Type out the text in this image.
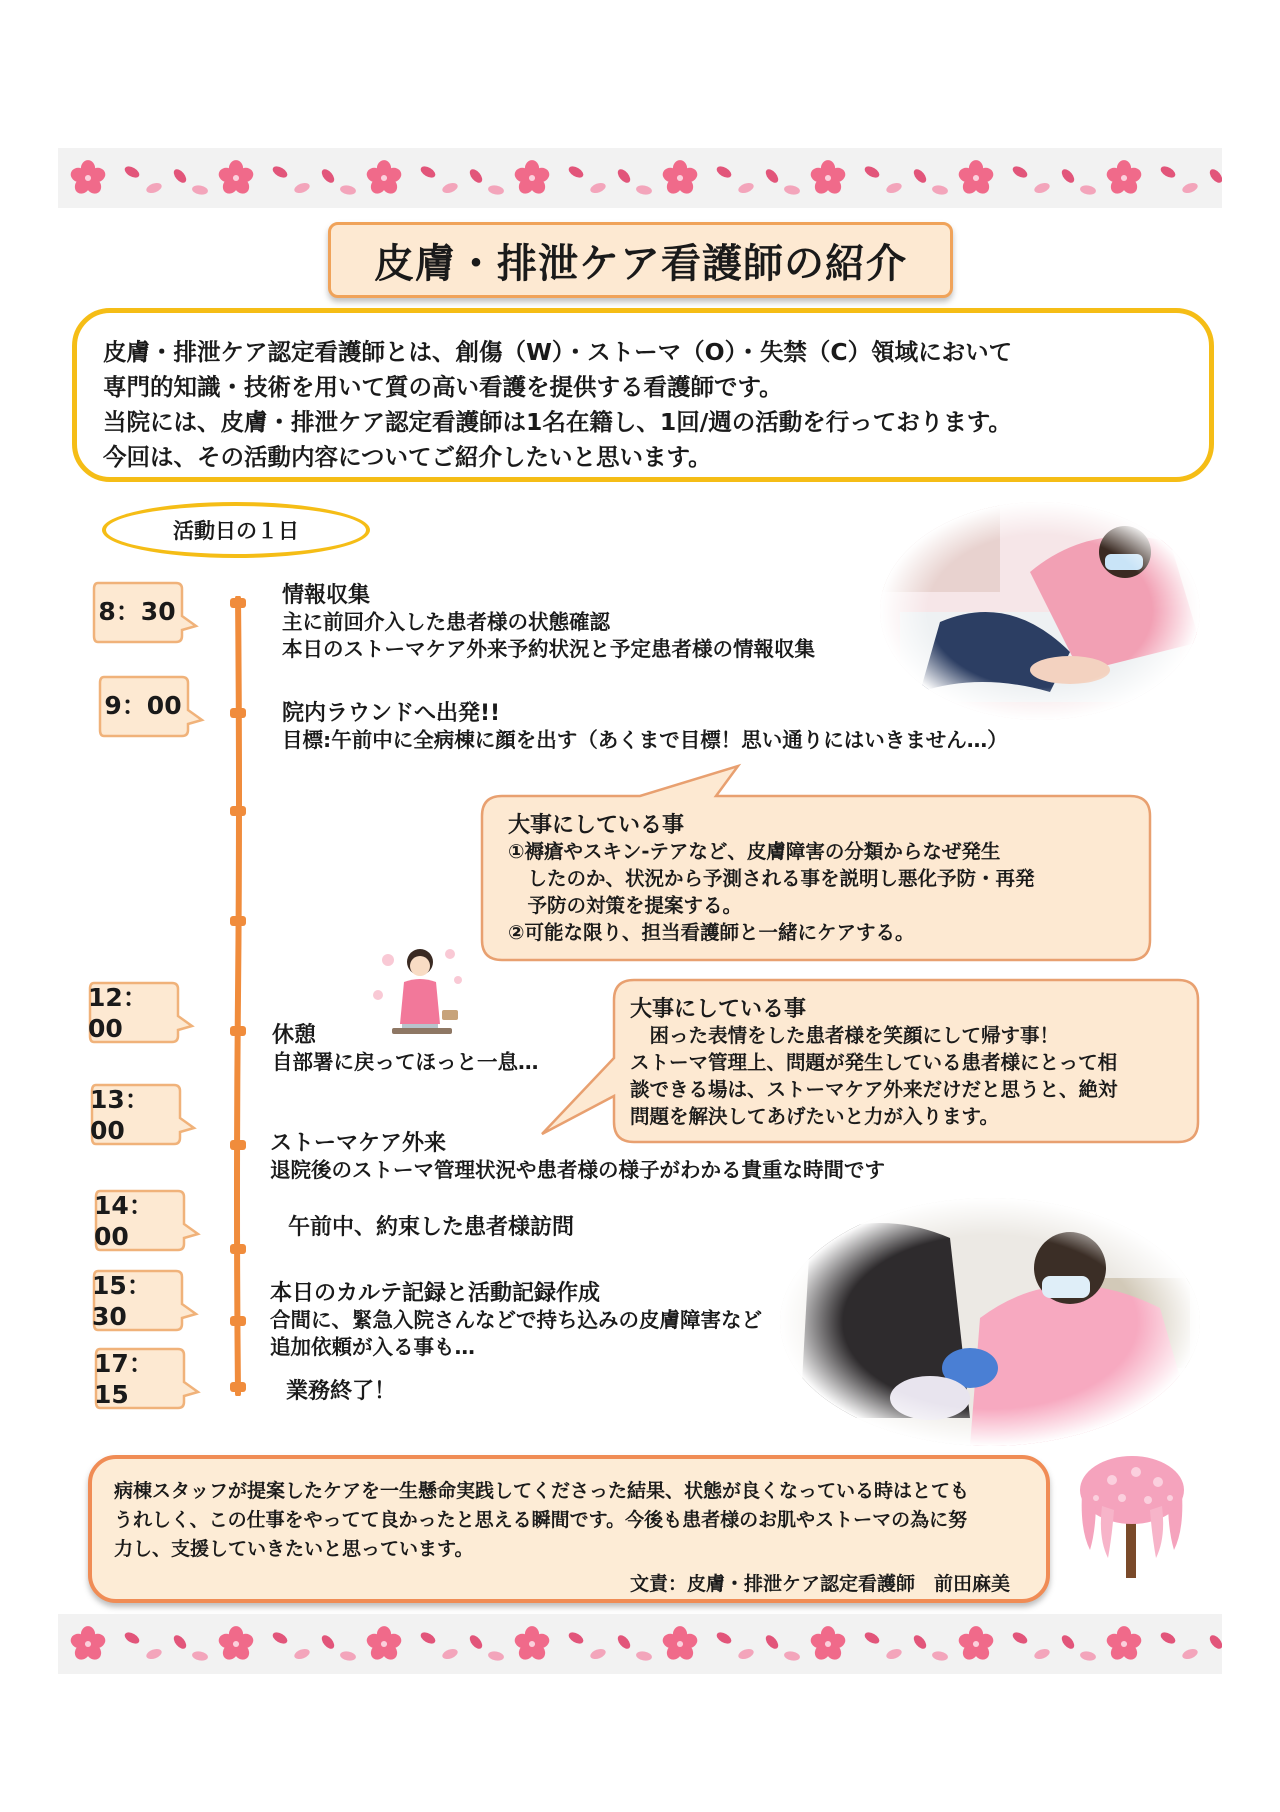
皮膚・排泄ケア看護師の紹介
皮膚・排泄ケア認定看護師とは、創傷（W）・ストーマ（O）・失禁（C）領域において
専門的知識・技術を用いて質の高い看護を提供する看護師です。
当院には、皮膚・排泄ケア認定看護師は1名在籍し、1回/週の活動を行っております。
今回は、その活動内容についてご紹介したいと思います。
活動日の１日
8：30
9：00
12：00
13：00
14：00
15：30
17：15
情報収集
主に前回介入した患者様の状態確認
本日のストーマケア外来予約状況と予定患者様の情報収集
院内ラウンドへ出発!!
目標:午前中に全病棟に顔を出す（あくまで目標！思い通りにはいきません…）
休憩
自部署に戻ってほっと一息…
ストーマケア外来
退院後のストーマ管理状況や患者様の様子がわかる貴重な時間です
午前中、約束した患者様訪問
本日のカルテ記録と活動記録作成
合間に、緊急入院さんなどで持ち込みの皮膚障害など
追加依頼が入る事も…
業務終了！
大事にしている事
①褥瘡やスキン‐テアなど、皮膚障害の分類からなぜ発生
　したのか、状況から予測される事を説明し悪化予防・再発
　予防の対策を提案する。
②可能な限り、担当看護師と一緒にケアする。
大事にしている事
　困った表情をした患者様を笑顔にして帰す事！
ストーマ管理上、問題が発生している患者様にとって相
談できる場は、ストーマケア外来だけだと思うと、絶対
問題を解決してあげたいと力が入ります。
病棟スタッフが提案したケアを一生懸命実践してくださった結果、状態が良くなっている時はとても
うれしく、この仕事をやってて良かったと思える瞬間です。今後も患者様のお肌やストーマの為に努
力し、支援していきたいと思っています。
文責：皮膚・排泄ケア認定看護師　前田麻美
